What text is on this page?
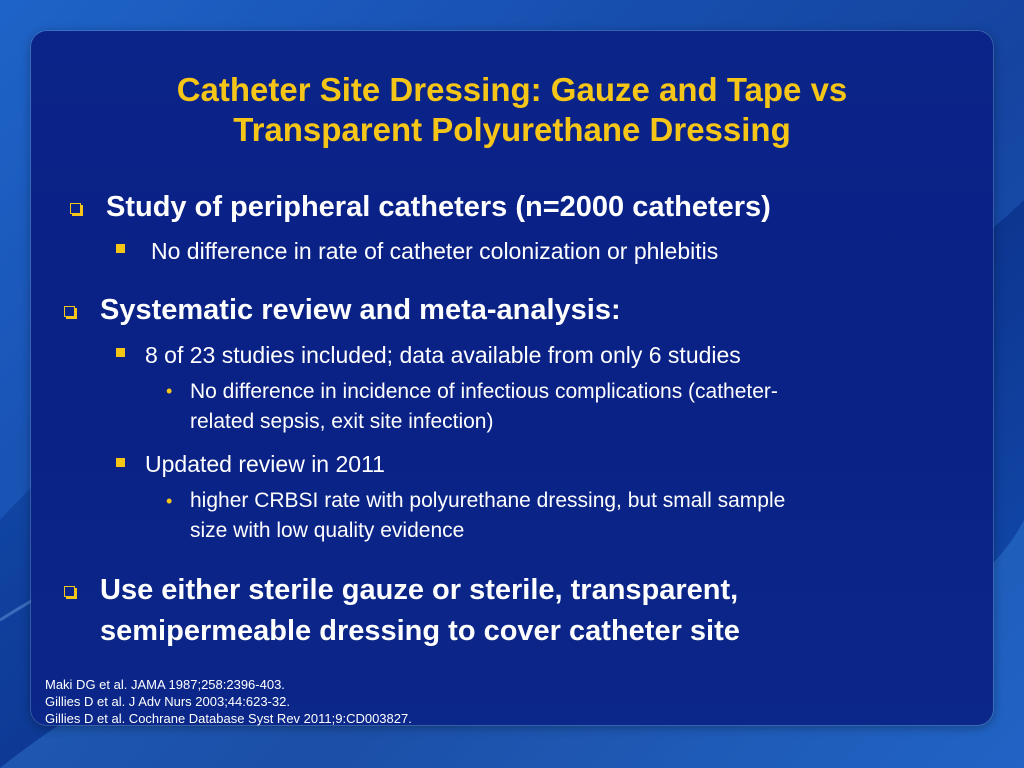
Catheter Site Dressing: Gauze and Tape vs
Transparent Polyurethane Dressing
Study of peripheral catheters (n=2000 catheters)
No difference in rate of catheter colonization or phlebitis
Systematic review and meta-analysis:
8 of 23 studies included; data available from only 6 studies
• No difference in incidence of infectious complications (catheter-
related sepsis, exit site infection)
Updated review in 2011
• higher CRBSI rate with polyurethane dressing, but small sample
size with low quality evidence
Use either sterile gauze or sterile, transparent,
semipermeable dressing to cover catheter site
Maki DG et al. JAMA 1987;258:2396-403.
Gillies D et al. J Adv Nurs 2003;44:623-32.
Gillies D et al. Cochrane Database Syst Rev 2011;9:CD003827.
